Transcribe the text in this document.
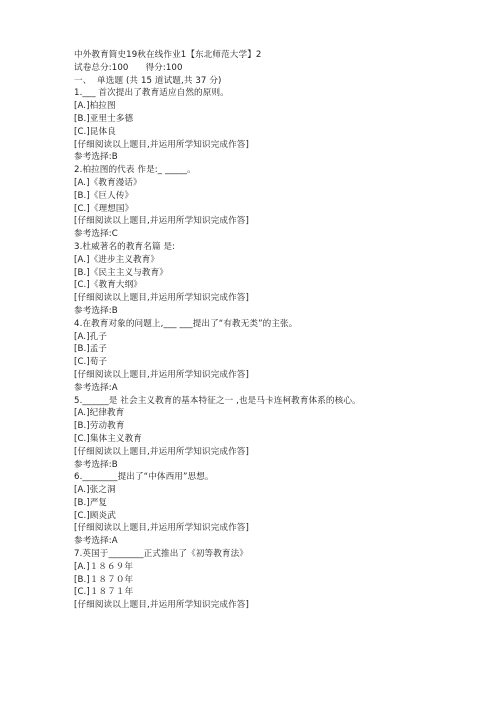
中外教育简史19秋在线作业1【东北师范大学】2
试卷总分:100      得分:100
一、  单选题 (共 15 道试题,共 37 分)
1.___ 首次提出了教育适应自然的原则。
[A.]柏拉图
[B.]亚里士多德
[C.]昆体良
[仔细阅读以上题目,并运用所学知识完成作答]
参考选择:B
2.柏拉图的代表 作是:_ _____。
[A.]《教育漫话》
[B.]《巨人传》
[C.]《理想国》
[仔细阅读以上题目,并运用所学知识完成作答]
参考选择:C
3.杜威著名的教育名篇 是:
[A.]《进步主义教育》
[B.]《民主主义与教育》
[C.]《教育大纲》
[仔细阅读以上题目,并运用所学知识完成作答]
参考选择:B
4.在教育对象的问题上,___ ___提出了“有教无类”的主张。
[A.]孔子
[B.]孟子
[C.]荀子
[仔细阅读以上题目,并运用所学知识完成作答]
参考选择:A
5.______是 社会主义教育的基本特征之一 ,也是马卡连柯教育体系的核心。
[A.]纪律教育
[B.]劳动教育
[C.]集体主义教育
[仔细阅读以上题目,并运用所学知识完成作答]
参考选择:B
6.________提出了“中体西用”思想。
[A.]张之洞
[B.]严复
[C.]顾炎武
[仔细阅读以上题目,并运用所学知识完成作答]
参考选择:A
7.英国于________正式推出了《初等教育法》
[A.]１８６９年
[B.]１８７０年
[C.]１８７１年
[仔细阅读以上题目,并运用所学知识完成作答]
